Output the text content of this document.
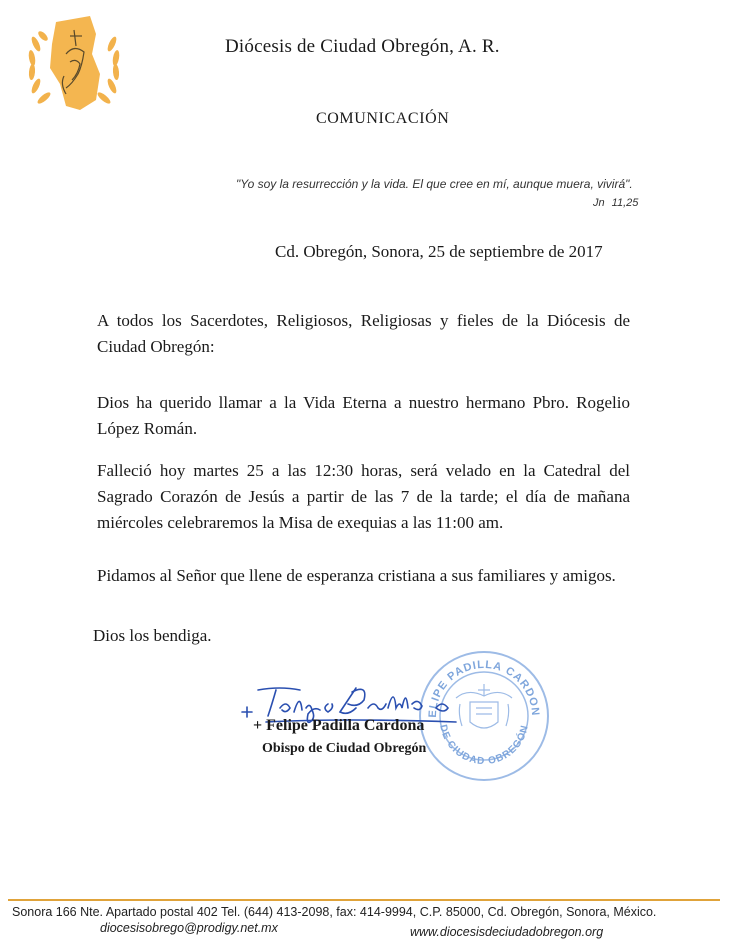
Diócesis de Ciudad Obregón, A. R.
COMUNICACIÓN
"Yo soy la resurrección y la vida. El que cree en mí, aunque muera, vivirá".
Jn 11,25
Cd. Obregón, Sonora, 25 de septiembre de 2017
A todos los Sacerdotes, Religiosos, Religiosas y fieles de la Diócesis de Ciudad Obregón:
Dios ha querido llamar a la Vida Eterna a nuestro hermano Pbro. Rogelio López Román.
Falleció hoy martes 25 a las 12:30 horas, será velado en la Catedral del Sagrado Corazón de Jesús a partir de las 7 de la tarde; el día de mañana miércoles celebraremos la Misa de exequias a las 11:00 am.
Pidamos al Señor que llene de esperanza cristiana a sus familiares y amigos.
Dios los bendiga.
ELIPE PADILLA CARDON
DE CIUDAD OBREGÓN
+ Felipe Padilla Cardona
Obispo de Ciudad Obregón
Sonora 166 Nte. Apartado postal 402 Tel. (644) 413-2098, fax: 414-9994, C.P. 85000, Cd. Obregón, Sonora, México.
diocesisobrego@prodigy.net.mx	www.diocesisdeciudadobregon.org
